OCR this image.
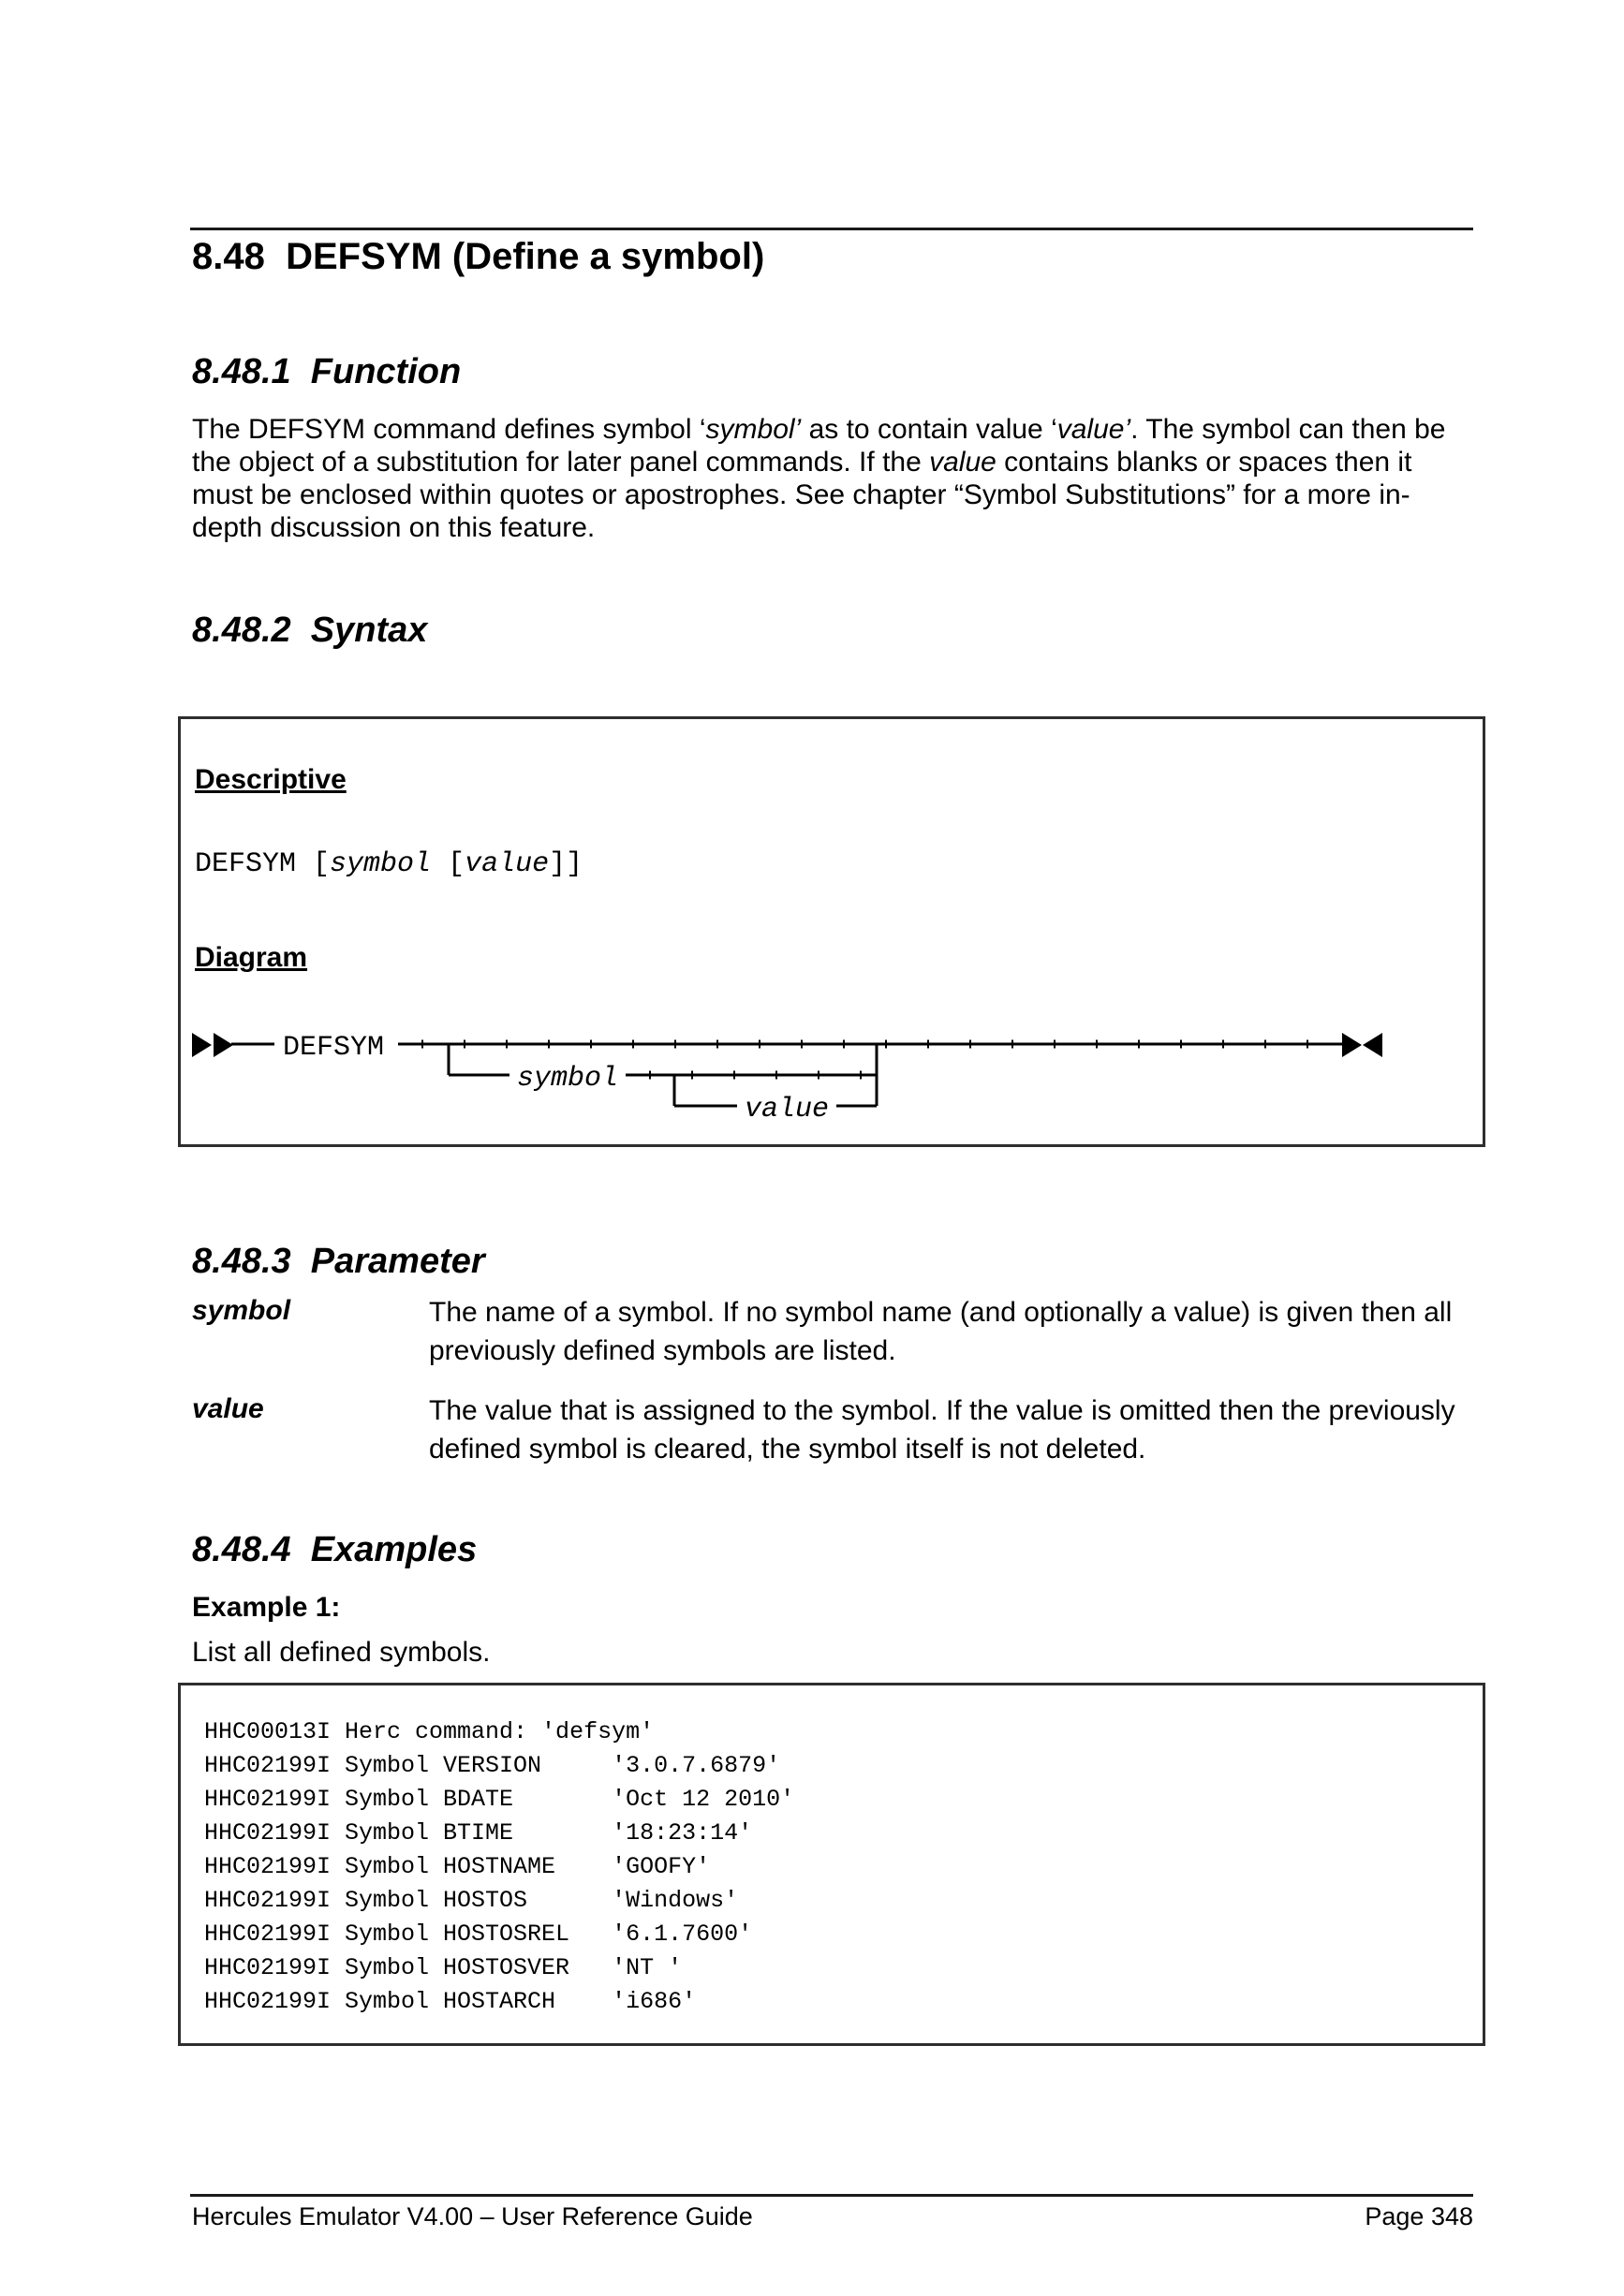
8.48  DEFSYM (Define a symbol)
8.48.1  Function
The DEFSYM command defines symbol ‘symbol’ as to contain value ‘value’. The symbol can then be the object of a substitution for later panel commands. If the value contains blanks or spaces then it must be enclosed within quotes or apostrophes. See chapter “Symbol Substitutions” for a more in-depth discussion on this feature.
8.48.2  Syntax
Descriptive
DEFSYM [symbol [value]]
Diagram
DEFSYM
symbol
value
8.48.3  Parameter
symbol	The name of a symbol. If no symbol name (and optionally a value) is given then all previously defined symbols are listed.
value	The value that is assigned to the symbol. If the value is omitted then the previously defined symbol is cleared, the symbol itself is not deleted.
8.48.4  Examples
Example 1:
List all defined symbols.
HHC00013I Herc command: 'defsym'
HHC02199I Symbol VERSION     '3.0.7.6879'
HHC02199I Symbol BDATE       'Oct 12 2010'
HHC02199I Symbol BTIME       '18:23:14'
HHC02199I Symbol HOSTNAME    'GOOFY'
HHC02199I Symbol HOSTOS      'Windows'
HHC02199I Symbol HOSTOSREL   '6.1.7600'
HHC02199I Symbol HOSTOSVER   'NT '
HHC02199I Symbol HOSTARCH    'i686'
Hercules Emulator V4.00 – User Reference Guide	Page 348
